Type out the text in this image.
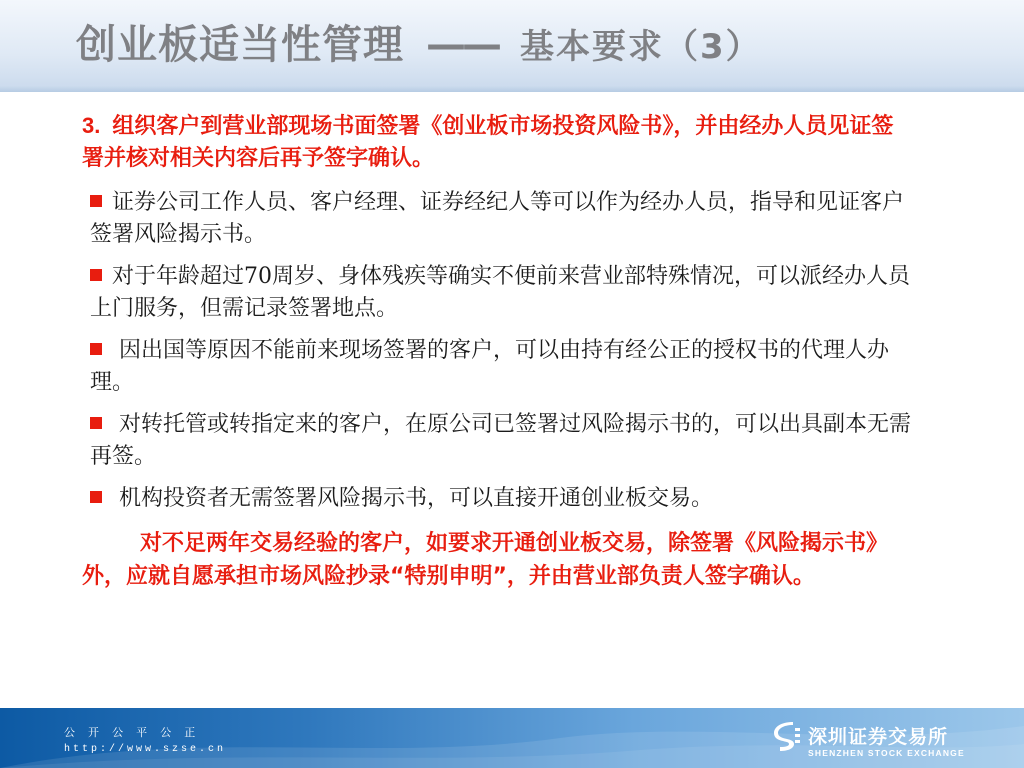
创业板适当性管理 —— 基本要求（3）

3. 组织客户到营业部现场书面签署《创业板市场投资风险书》，并由经办人员见证签署并核对相关内容后再予签字确认。

证券公司工作人员、客户经理、证券经纪人等可以作为经办人员，指导和见证客户签署风险揭示书。
对于年龄超过70周岁、身体残疾等确实不便前来营业部特殊情况，可以派经办人员上门服务，但需记录签署地点。
因出国等原因不能前来现场签署的客户，可以由持有经公正的授权书的代理人办理。
对转托管或转指定来的客户，在原公司已签署过风险揭示书的，可以出具副本无需再签。
机构投资者无需签署风险揭示书，可以直接开通创业板交易。

对不足两年交易经验的客户，如要求开通创业板交易，除签署《风险揭示书》外，应就自愿承担市场风险抄录“特别申明”，并由营业部负责人签字确认。

公 开 公 平 公 正
http://www.szse.cn
深圳证券交易所
SHENZHEN STOCK EXCHANGE
